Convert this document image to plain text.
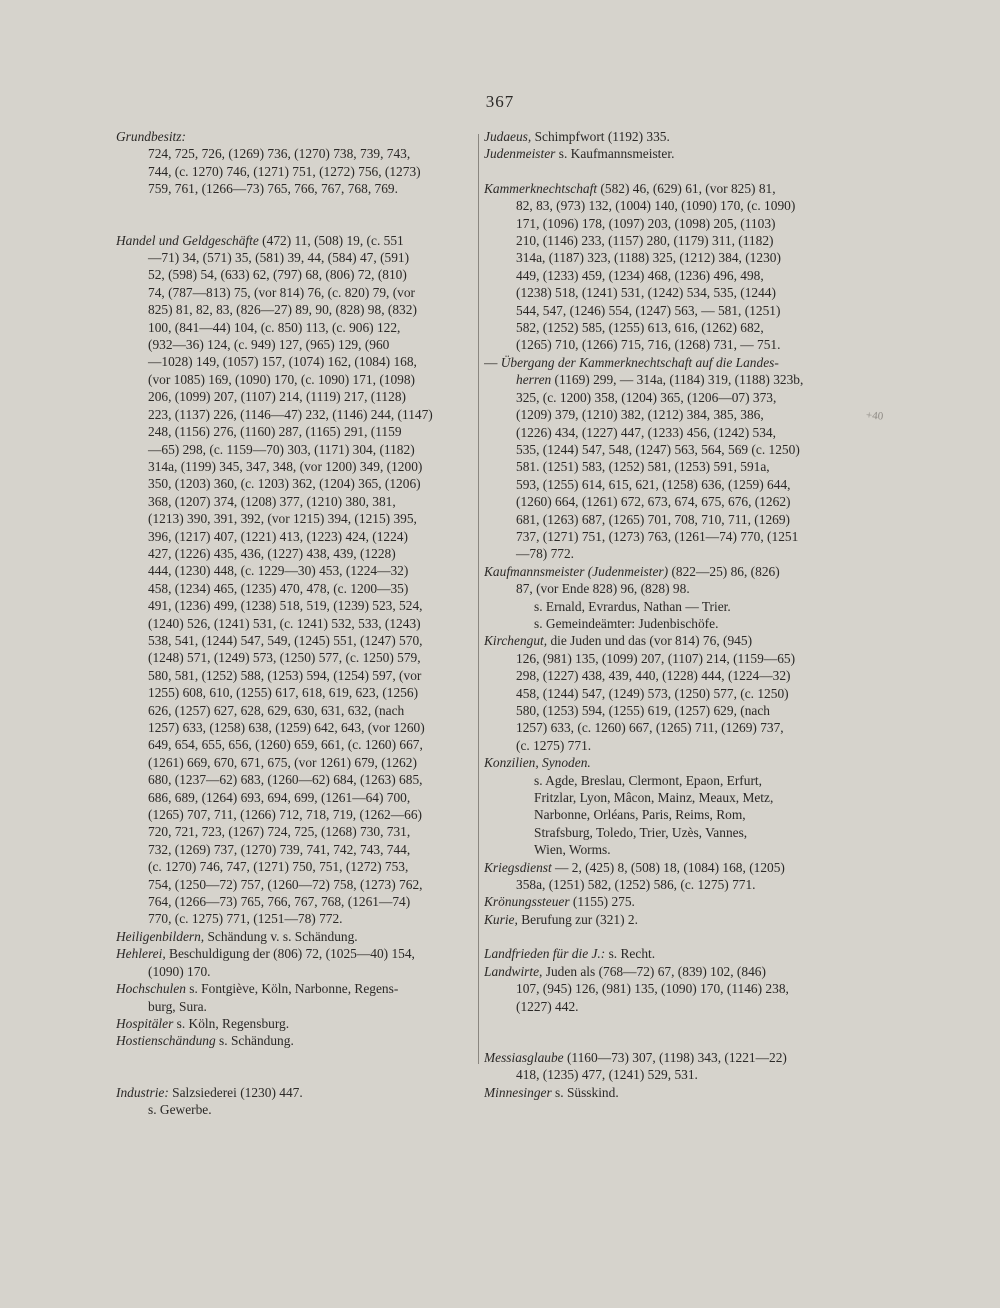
367
+40
Grundbesitz:
724, 725, 726, (1269) 736, (1270) 738, 739, 743,
744, (c. 1270) 746, (1271) 751, (1272) 756, (1273)
759, 761, (1266—73) 765, 766, 767, 768, 769.
Handel und Geldgeschäfte (472) 11, (508) 19, (c. 551
—71) 34, (571) 35, (581) 39, 44, (584) 47, (591)
52, (598) 54, (633) 62, (797) 68, (806) 72, (810)
74, (787—813) 75, (vor 814) 76, (c. 820) 79, (vor
825) 81, 82, 83, (826—27) 89, 90, (828) 98, (832)
100, (841—44) 104, (c. 850) 113, (c. 906) 122,
(932—36) 124, (c. 949) 127, (965) 129, (960
—1028) 149, (1057) 157, (1074) 162, (1084) 168,
(vor 1085) 169, (1090) 170, (c. 1090) 171, (1098)
206, (1099) 207, (1107) 214, (1119) 217, (1128)
223, (1137) 226, (1146—47) 232, (1146) 244, (1147)
248, (1156) 276, (1160) 287, (1165) 291, (1159
—65) 298, (c. 1159—70) 303, (1171) 304, (1182)
314a, (1199) 345, 347, 348, (vor 1200) 349, (1200)
350, (1203) 360, (c. 1203) 362, (1204) 365, (1206)
368, (1207) 374, (1208) 377, (1210) 380, 381,
(1213) 390, 391, 392, (vor 1215) 394, (1215) 395,
396, (1217) 407, (1221) 413, (1223) 424, (1224)
427, (1226) 435, 436, (1227) 438, 439, (1228)
444, (1230) 448, (c. 1229—30) 453, (1224—32)
458, (1234) 465, (1235) 470, 478, (c. 1200—35)
491, (1236) 499, (1238) 518, 519, (1239) 523, 524,
(1240) 526, (1241) 531, (c. 1241) 532, 533, (1243)
538, 541, (1244) 547, 549, (1245) 551, (1247) 570,
(1248) 571, (1249) 573, (1250) 577, (c. 1250) 579,
580, 581, (1252) 588, (1253) 594, (1254) 597, (vor
1255) 608, 610, (1255) 617, 618, 619, 623, (1256)
626, (1257) 627, 628, 629, 630, 631, 632, (nach
1257) 633, (1258) 638, (1259) 642, 643, (vor 1260)
649, 654, 655, 656, (1260) 659, 661, (c. 1260) 667,
(1261) 669, 670, 671, 675, (vor 1261) 679, (1262)
680, (1237—62) 683, (1260—62) 684, (1263) 685,
686, 689, (1264) 693, 694, 699, (1261—64) 700,
(1265) 707, 711, (1266) 712, 718, 719, (1262—66)
720, 721, 723, (1267) 724, 725, (1268) 730, 731,
732, (1269) 737, (1270) 739, 741, 742, 743, 744,
(c. 1270) 746, 747, (1271) 750, 751, (1272) 753,
754, (1250—72) 757, (1260—72) 758, (1273) 762,
764, (1266—73) 765, 766, 767, 768, (1261—74)
770, (c. 1275) 771, (1251—78) 772.
Heiligenbildern, Schändung v. s. Schändung.
Hehlerei, Beschuldigung der (806) 72, (1025—40) 154,
(1090) 170.
Hochschulen s. Fontgiève, Köln, Narbonne, Regens-
burg, Sura.
Hospitäler s. Köln, Regensburg.
Hostienschändung s. Schändung.
Industrie: Salzsiederei (1230) 447.
s. Gewerbe.
Judaeus, Schimpfwort (1192) 335.
Judenmeister s. Kaufmannsmeister.
Kammerknechtschaft (582) 46, (629) 61, (vor 825) 81,
82, 83, (973) 132, (1004) 140, (1090) 170, (c. 1090)
171, (1096) 178, (1097) 203, (1098) 205, (1103)
210, (1146) 233, (1157) 280, (1179) 311, (1182)
314a, (1187) 323, (1188) 325, (1212) 384, (1230)
449, (1233) 459, (1234) 468, (1236) 496, 498,
(1238) 518, (1241) 531, (1242) 534, 535, (1244)
544, 547, (1246) 554, (1247) 563, — 581, (1251)
582, (1252) 585, (1255) 613, 616, (1262) 682,
(1265) 710, (1266) 715, 716, (1268) 731, — 751.
— Übergang der Kammerknechtschaft auf die Landes-
herren (1169) 299, — 314a, (1184) 319, (1188) 323b,
325, (c. 1200) 358, (1204) 365, (1206—07) 373,
(1209) 379, (1210) 382, (1212) 384, 385, 386,
(1226) 434, (1227) 447, (1233) 456, (1242) 534,
535, (1244) 547, 548, (1247) 563, 564, 569 (c. 1250)
581. (1251) 583, (1252) 581, (1253) 591, 591a,
593, (1255) 614, 615, 621, (1258) 636, (1259) 644,
(1260) 664, (1261) 672, 673, 674, 675, 676, (1262)
681, (1263) 687, (1265) 701, 708, 710, 711, (1269)
737, (1271) 751, (1273) 763, (1261—74) 770, (1251
—78) 772.
Kaufmannsmeister (Judenmeister) (822—25) 86, (826)
87, (vor Ende 828) 96, (828) 98.
s. Ernald, Evrardus, Nathan — Trier.
s. Gemeindeämter: Judenbischöfe.
Kirchengut, die Juden und das (vor 814) 76, (945)
126, (981) 135, (1099) 207, (1107) 214, (1159—65)
298, (1227) 438, 439, 440, (1228) 444, (1224—32)
458, (1244) 547, (1249) 573, (1250) 577, (c. 1250)
580, (1253) 594, (1255) 619, (1257) 629, (nach
1257) 633, (c. 1260) 667, (1265) 711, (1269) 737,
(c. 1275) 771.
Konzilien, Synoden.
s. Agde, Breslau, Clermont, Epaon, Erfurt,
Fritzlar, Lyon, Mâcon, Mainz, Meaux, Metz,
Narbonne, Orléans, Paris, Reims, Rom,
Strafsburg, Toledo, Trier, Uzès, Vannes,
Wien, Worms.
Kriegsdienst — 2, (425) 8, (508) 18, (1084) 168, (1205)
358a, (1251) 582, (1252) 586, (c. 1275) 771.
Krönungssteuer (1155) 275.
Kurie, Berufung zur (321) 2.
Landfrieden für die J.: s. Recht.
Landwirte, Juden als (768—72) 67, (839) 102, (846)
107, (945) 126, (981) 135, (1090) 170, (1146) 238,
(1227) 442.
Messiasglaube (1160—73) 307, (1198) 343, (1221—22)
418, (1235) 477, (1241) 529, 531.
Minnesinger s. Süsskind.
